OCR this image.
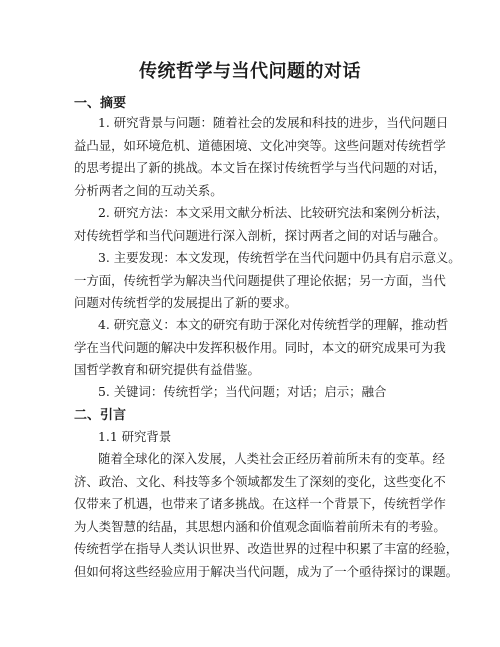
传统哲学与当代问题的对话
一、摘要
1. 研究背景与问题：随着社会的发展和科技的进步，当代问题日
益凸显，如环境危机、道德困境、文化冲突等。这些问题对传统哲学
的思考提出了新的挑战。本文旨在探讨传统哲学与当代问题的对话，
分析两者之间的互动关系。
2. 研究方法：本文采用文献分析法、比较研究法和案例分析法，
对传统哲学和当代问题进行深入剖析，探讨两者之间的对话与融合。
3. 主要发现：本文发现，传统哲学在当代问题中仍具有启示意义。
一方面，传统哲学为解决当代问题提供了理论依据；另一方面，当代
问题对传统哲学的发展提出了新的要求。
4. 研究意义：本文的研究有助于深化对传统哲学的理解，推动哲
学在当代问题的解决中发挥积极作用。同时，本文的研究成果可为我
国哲学教育和研究提供有益借鉴。
5. 关键词：传统哲学；当代问题；对话；启示；融合
二、引言
1.1 研究背景
随着全球化的深入发展，人类社会正经历着前所未有的变革。经
济、政治、文化、科技等多个领域都发生了深刻的变化，这些变化不
仅带来了机遇，也带来了诸多挑战。在这样一个背景下，传统哲学作
为人类智慧的结晶，其思想内涵和价值观念面临着前所未有的考验。
传统哲学在指导人类认识世界、改造世界的过程中积累了丰富的经验，
但如何将这些经验应用于解决当代问题，成为了一个亟待探讨的课题。
